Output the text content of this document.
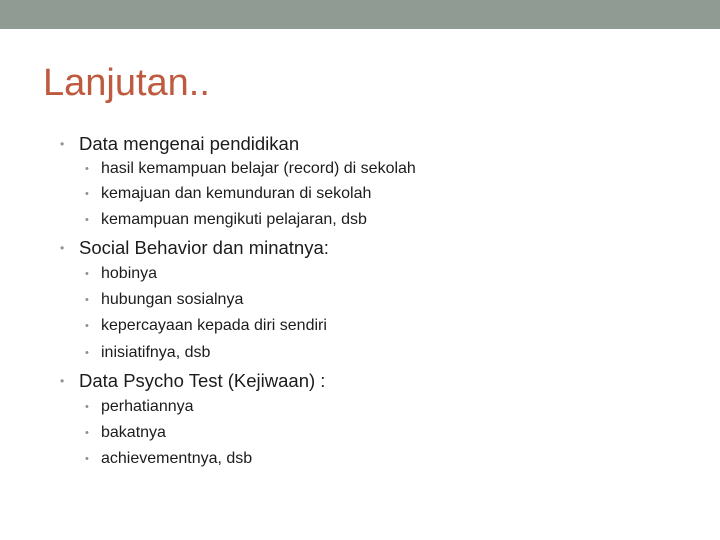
Lanjutan..
• Data mengenai pendidikan
• hasil kemampuan belajar (record) di sekolah
• kemajuan dan kemunduran di sekolah
• kemampuan mengikuti pelajaran, dsb
• Social Behavior dan minatnya:
• hobinya
• hubungan sosialnya
• kepercayaan kepada diri sendiri
• inisiatifnya, dsb
• Data Psycho Test (Kejiwaan) :
• perhatiannya
• bakatnya
• achievementnya, dsb
